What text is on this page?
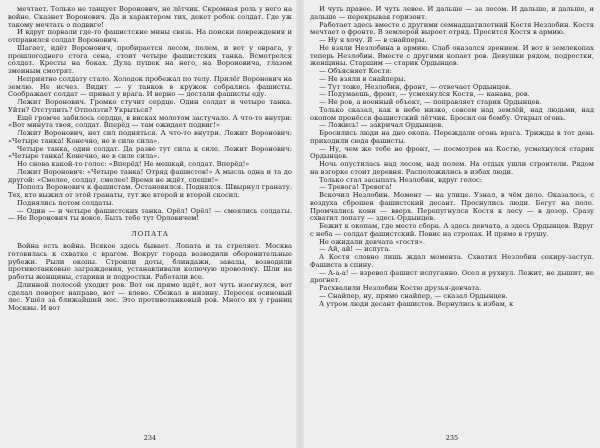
мечтает. Только не танцует Воронович, не лётчик. Скромная роль у него на войне. Сказнет Воронович. Да и характером тих, декет робок солдат. Где уж такому мечтать о подвиге!

И вдруг порвали где-то фашистские мины связь. На поиски повреждения и отправился солдат Воронович.

Шагает, идёт Воронович, пробирается лесом, полем, и вот у оврага, у прошлогоднего стога сена, стоит четыре фашистских танка. Всмотрелся солдат. Кресты на боках. Дула пушек на него, на Вороновича, глазом змеиным смотрят.

Неприятно солдату стало. Холодок пробежал по телу. Прилёг Воронович на землю. Не исчез. Видит — у танков в кружок собрались фашисты. Соображает солдат — привал у врага. И верно — достали фашисты еду.

Лежит Воронович. Громко стучит сердце. Один солдат и четыре танка. Уйти? Отступить? Отползти? Укрыться?

Ещё громче забилось сердце, в висках молотом застучало. А что-то внутри: «Вот минута твоя, солдат. Вперёд — там ожидает подвиг!»

Лежит Воронович, нет сил подняться. А что-то внутри. Лежит Воронович: «Четыре танка! Конечно, не в силе сила».

Четыре танка, один солдат. Да разве тут сила к силе. Лежит Воронович: «Четыре танка! Конечно, не в силе сила».

Но снова какой-то голос: «Вперёд! Не мешкай, солдат. Вперёд!»

Лежит Воронович: «Четыре танка! Отряд фашистов!» А мысль одна и та до другой: «Смелее, солдат, смелее! Время не ждёт, спеши!»

Пополз Воронович к фашистам. Остановился. Поднялся. Швырнул гранату. Тех, кто выжил от этой гранаты, тут же второй и второй скосил.

Поднялись потом солдаты.

— Один — и четыре фашистских танка. Орёл! Орёл! — смеялись солдаты. — Не Воронович ты вовсе. Быть тебе тут Орловичем!

ЛОПАТА

Война есть война. Всякое здесь бывает. Лопата и та стреляет. Москва готовилась к схватке с врагом. Вокруг города возводили оборонительные рубежи. Рыли окопы. Строили доты, блиндажи, завалы, возводили противотанковые заграждения, устанавливали колючую проволоку. Шли на работы женщины, старики и подростки. Работали все.

Длинной полосой уходит ров. Вот он прямо идёт, вот чуть изогнулся, вот сделал поворот направо, вот — влево. Сбежал в низину. Пересек осиновый лес. Ушёл за ближайший лес. Это противотанковый ров. Много их у границ Москвы. И вот

234

И чуть правее. И чуть левее. И дальше — за лесом. И дальше, и дальше, и дальше — перекрывая горизонт.

Работает здесь вместе с другими семнадцатилетний Костя Незлобин. Костя мечтает о фронте. В землерой выроет отряд. Просится Костя в армию.

— Ну я хочу. Я — в снайперы.

Не взяли Незлобина в армию. Слаб оказался зрением. И вот в землекопах теперь Незлобин. Вместе с другими копает ров. Девушки рядом, подростки, женщины. Старшим — старик Ордынцев.

— Объясняет Костя:

— Не взяли в снайперы.

— Тут тоже, Незлобин, фронт, — отвечает Ордынцев.

— Подумаешь, фронт, — усмехнулся Костя, — канава, ров.

— Не ров, а военный объект, — поправляет старик Ордынцев.

Только сказал, как в небе низко, совсем над землёй, над людьми, над окопом пронёсся фашистский лётчик. Бросил он бомбу. Открыл огонь.

— Ложись! — закричал Ордынцев.

Бросились люди на дно окопа. Переждали огонь врага. Трижды в тот день приходили сюда фашисты.

— Ну, чем же тебе не фронт, — посмотрев на Костю, усмехнулся старик Ордынцев.

Ночь опустилась над лесом, над полем. На отдых ушли строители. Рядом на взгорке стоит деревня. Расположились в избах люди.

Только стал засыпать Незлобин, вдруг голос:

— Тревога! Тревога!

Вскочил Незлобин. Момент — на улице. Узнал, в чём дело. Оказалось, с воздуха сброшен фашистский десант. Проснулись люди. Бегут на поле. Промчались кони — вверх. Перепугнулся Костя к лесу — в дозор. Сразу схватил лопату — здесь Ордынцев.

Бежит к окопам, где место сбора. А здесь девчата, а здесь Ордынцев. Вдруг с неба — солдат фашистский. Повис на стропах. И прямо в грушу.

Не ожидали девчата «гостя».

— Ай, ай! — испуга.

А Костя словно лишь ждал момента. Схватил Незлобин секиру-заступ. Фашиста в спину.

— А-а-а! — взревел фашист испуганно. Осел и рухнул. Лежит, не дышит, не дрогнет.

Расхвалили Незлобин Костю друзья-девчата.

— Снайпер, ну, прямо снайпер, — сказал Ордынцев.

А утром люди десант фашистов. Вернулись к избам, к

235
